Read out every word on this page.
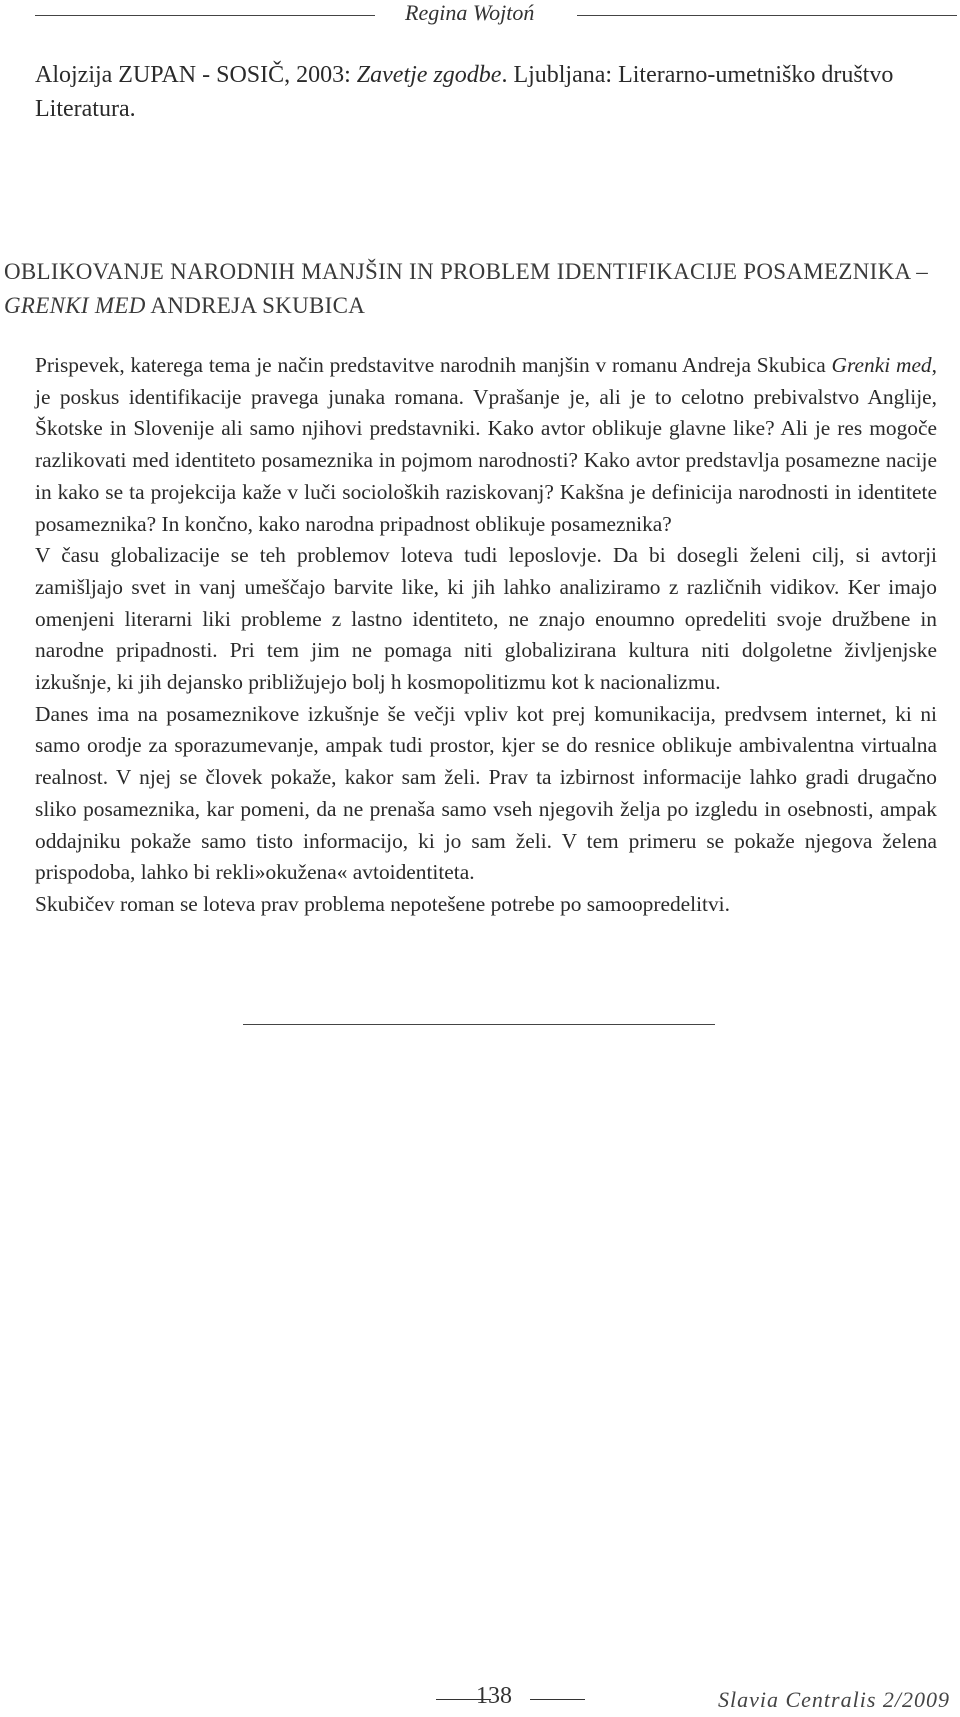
Regina Wojtoń
Alojzija ZUPAN - SOSIČ, 2003: Zavetje zgodbe. Ljubljana: Literarno-umetniško društvo Literatura.
OBLIKOVANJE NARODNIH MANJŠIN IN PROBLEM IDENTIFIKACIJE POSAMEZNIKA – GRENKI MED ANDREJA SKUBICA

Prispevek, katerega tema je način predstavitve narodnih manjšin v romanu Andreja Skubica Grenki med, je poskus identifikacije pravega junaka romana. Vprašanje je, ali je to celotno prebivalstvo Anglije, Škotske in Slovenije ali samo njihovi predstavniki. Kako avtor oblikuje glavne like? Ali je res mogoče razlikovati med identiteto posameznika in pojmom narodnosti? Kako avtor predstavlja posamezne nacije in kako se ta projekcija kaže v luči socioloških raziskovanj? Kakšna je definicija narodnosti in identitete posameznika? In končno, kako narodna pripadnost oblikuje posameznika?

V času globalizacije se teh problemov loteva tudi leposlovje. Da bi dosegli želeni cilj, si avtorji zamišljajo svet in vanj umeščajo barvite like, ki jih lahko analiziramo z različnih vidikov. Ker imajo omenjeni literarni liki probleme z lastno identiteto, ne znajo enoumno opredeliti svoje družbene in narodne pripadnosti. Pri tem jim ne pomaga niti globalizirana kultura niti dolgoletne življenjske izkušnje, ki jih dejansko približujejo bolj h kosmopolitizmu kot k nacionalizmu.

Danes ima na posameznikove izkušnje še večji vpliv kot prej komunikacija, predvsem internet, ki ni samo orodje za sporazumevanje, ampak tudi prostor, kjer se do resnice oblikuje ambivalentna virtualna realnost. V njej se človek pokaže, kakor sam želi. Prav ta izbirnost informacije lahko gradi drugačno sliko posameznika, kar pomeni, da ne prenaša samo vseh njegovih želja po izgledu in osebnosti, ampak oddajniku pokaže samo tisto informacijo, ki jo sam želi. V tem primeru se pokaže njegova želena prispodoba, lahko bi rekli»okužena« avtoidentiteta.

Skubičev roman se loteva prav problema nepotešene potrebe po samoopredelitvi.

138	Slavia Centralis 2/2009
